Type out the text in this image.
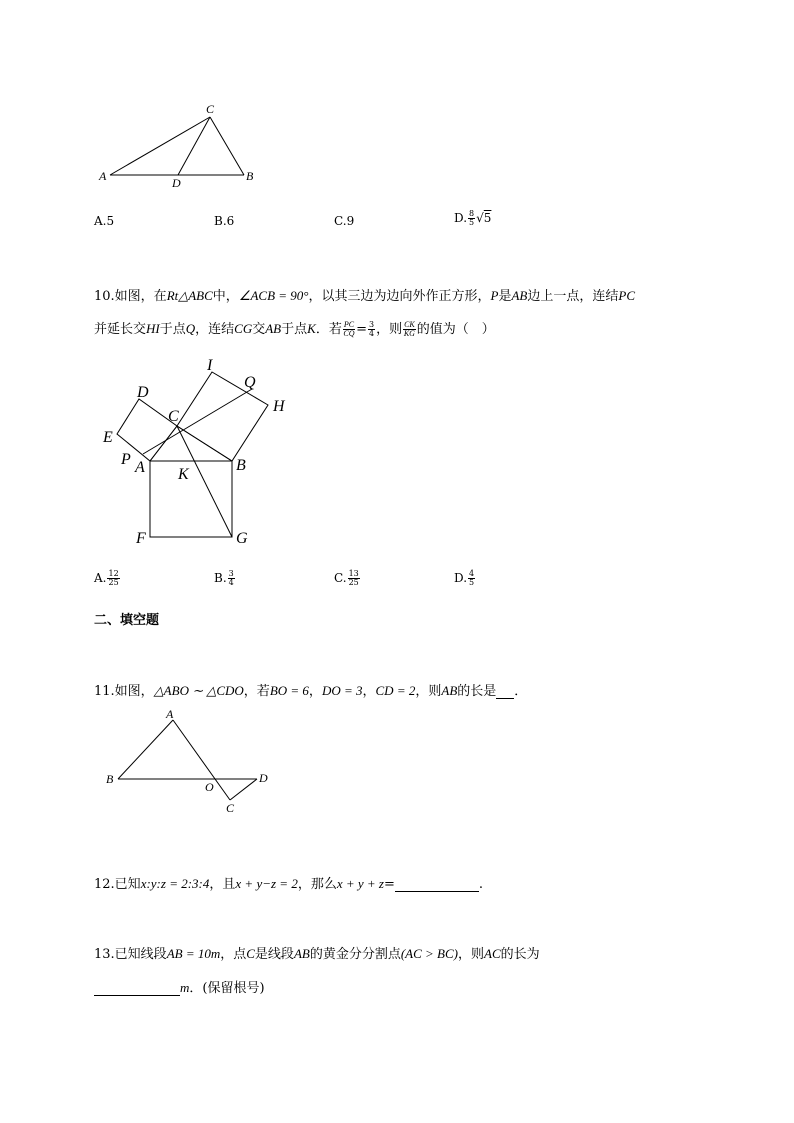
C
A	D	B
A.5	B.6	C.9	D. $\frac{8}{5} √5$
10.如图，在Rt△ABC中，∠ACB = 90°，以其三边为边向外作正方形，P是AB边上一点，连结PC
并延长交HI于点Q，连结CG交AB于点K．若 $\frac{PC}{CQ} = \frac{3}{4}$ ，则 $\frac{CK}{KG}$ 的值为（　）
I
Q
D
H
C
E
P A	B
K
F	G
A. $\frac{12}{25}$	B. $\frac{3}{4}$	C. $\frac{13}{25}$	D. $\frac{4}{5}$
二、填空题
11.如图，△ABO ∼ △CDO，若BO = 6，DO = 3，CD = 2，则AB的长是 ．
A
B
O
D
C
12.已知x:y:z = 2:3:4，且x + y−z = 2，那么x + y + z=	.
13.已知线段AB = 10m，点C是线段AB的黄金分分割点(AC > BC)，则AC的长为
m．(保留根号)
